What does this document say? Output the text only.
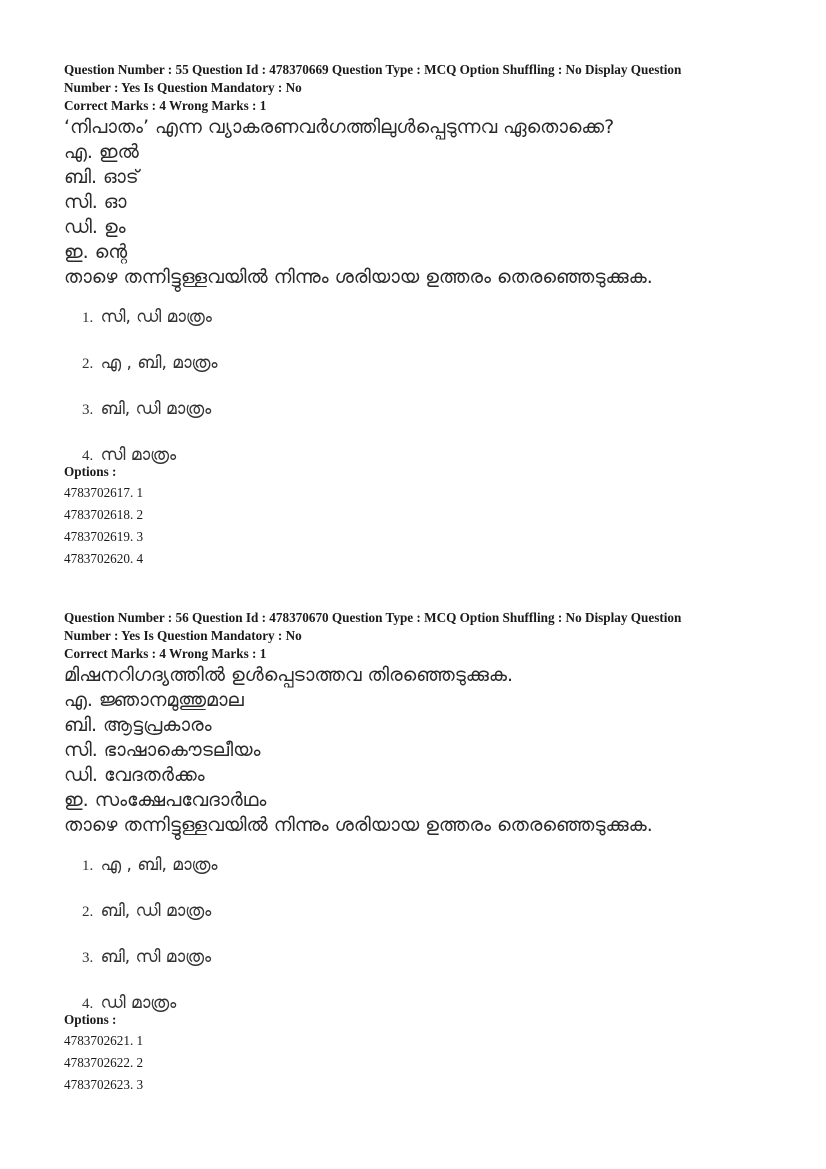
Question Number : 55 Question Id : 478370669 Question Type : MCQ Option Shuffling : No Display Question
Number : Yes Is Question Mandatory : No
Correct Marks : 4 Wrong Marks : 1
‘നിപാതം’ എന്ന വ്യാകരണവർഗത്തിലുൾപ്പെടുന്നവ ഏതൊക്കെ?
എ. ഇൽ
ബി. ഓട്
സി. ഓ
ഡി. ഉം
ഇ. ന്റെ
താഴെ തന്നിട്ടുള്ളവയിൽ നിന്നും ശരിയായ ഉത്തരം തെരഞ്ഞെടുക്കുക.
1. സി, ഡി മാത്രം
2. എ , ബി, മാത്രം
3. ബി, ഡി മാത്രം
4. സി മാത്രം
Options :
4783702617. 1
4783702618. 2
4783702619. 3
4783702620. 4
Question Number : 56 Question Id : 478370670 Question Type : MCQ Option Shuffling : No Display Question
Number : Yes Is Question Mandatory : No
Correct Marks : 4 Wrong Marks : 1
മിഷനറിഗദ്യത്തിൽ ഉൾപ്പെടാത്തവ തിരഞ്ഞെടുക്കുക.
എ. ജ്ഞാനമുത്തുമാല
ബി. ആട്ടപ്രകാരം
സി. ഭാഷാകൌടലീയം
ഡി. വേദതർക്കം
ഇ. സംക്ഷേപവേദാർഥം
താഴെ തന്നിട്ടുള്ളവയിൽ നിന്നും ശരിയായ ഉത്തരം തെരഞ്ഞെടുക്കുക.
1. എ , ബി, മാത്രം
2. ബി, ഡി മാത്രം
3. ബി, സി മാത്രം
4. ഡി മാത്രം
Options :
4783702621. 1
4783702622. 2
4783702623. 3
